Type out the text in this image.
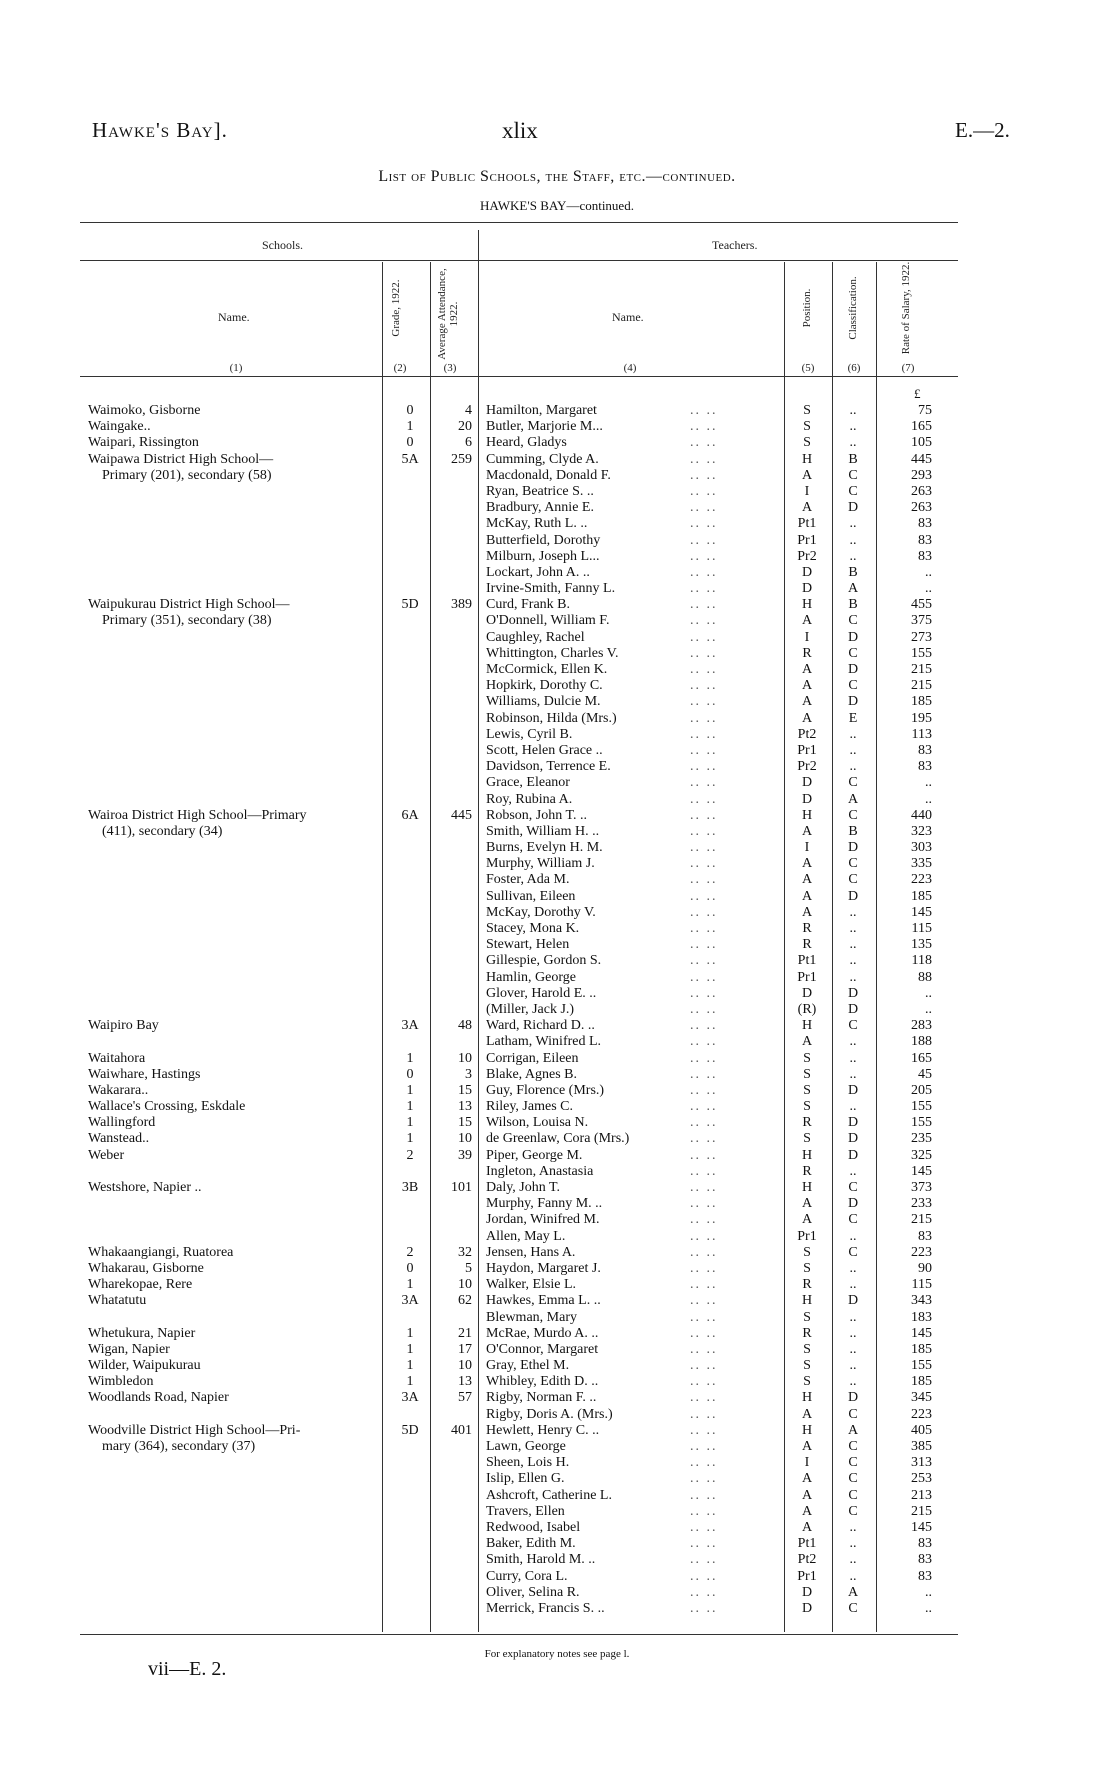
Hawke's Bay].	xlix	E.—2.
List of Public Schools, the Staff, etc.—continued.
HAWKE'S BAY—continued.
Schools.	Teachers.
Name.	Grade, 1922.	Average Attendance, 1922.	Name.	Position.	Classification.	Rate of Salary, 1922.
(1)	(2)	(3)	(4)	(5)	(6)	(7)
£
Waimoko, Gisborne	0	4 Hamilton, Margaret	S	..	75
.. ..
Waingake..	1	20 Butler, Marjorie M...	S	..	165
.. ..
Waipari, Rissington	0	6 Heard, Gladys	S	..	105
.. ..
Waipawa District High School—	5A	259 Cumming, Clyde A.	H	B	445
.. ..
Primary (201), secondary (58)	Macdonald, Donald F.	A	C	293
.. ..
Ryan, Beatrice S. ..	I	C	263
.. ..
Bradbury, Annie E.	A	D	263
.. ..
McKay, Ruth L. ..	Pt1	..	83
.. ..
Butterfield, Dorothy	Pr1	..	83
.. ..
Milburn, Joseph L...	Pr2	..	83
.. ..
Lockart, John A. ..	D	B	..
.. ..
Irvine-Smith, Fanny L.	D	A	..
.. ..
Waipukurau District High School—	5D	389 Curd, Frank B.	H	B	455
.. ..
Primary (351), secondary (38)	O'Donnell, William F.	A	C	375
.. ..
Caughley, Rachel	I	D	273
.. ..
Whittington, Charles V.	R	C	155
.. ..
McCormick, Ellen K.	A	D	215
.. ..
Hopkirk, Dorothy C.	A	C	215
.. ..
Williams, Dulcie M.	A	D	185
.. ..
Robinson, Hilda (Mrs.)	A	E	195
.. ..
Lewis, Cyril B.	Pt2	..	113
.. ..
Scott, Helen Grace ..	Pr1	..	83
.. ..
Davidson, Terrence E.	Pr2	..	83
.. ..
Grace, Eleanor	D	C	..
.. ..
Roy, Rubina A.	D	A	..
.. ..
Wairoa District High School—Primary	6A	445 Robson, John T. ..	H	C	440
.. ..
(411), secondary (34)	Smith, William H. ..	A	B	323
.. ..
Burns, Evelyn H. M.	I	D	303
.. ..
Murphy, William J.	A	C	335
.. ..
Foster, Ada M.	A	C	223
.. ..
Sullivan, Eileen	A	D	185
.. ..
McKay, Dorothy V.	A	..	145
.. ..
Stacey, Mona K.	R	..	115
.. ..
Stewart, Helen	R	..	135
.. ..
Gillespie, Gordon S.	Pt1	..	118
.. ..
Hamlin, George	Pr1	..	88
.. ..
Glover, Harold E. ..	D	D	..
.. ..
(Miller, Jack J.)	(R)	D	..
.. ..
Waipiro Bay	3A	48 Ward, Richard D. ..	H	C	283
.. ..
Latham, Winifred L.	A	..	188
.. ..
Waitahora	1	10 Corrigan, Eileen	S	..	165
.. ..
Waiwhare, Hastings	0	3 Blake, Agnes B.	S	..	45
.. ..
Wakarara..	1	15 Guy, Florence (Mrs.)	S	D	205
.. ..
Wallace's Crossing, Eskdale	1	13 Riley, James C.	S	..	155
.. ..
Wallingford	1	15 Wilson, Louisa N.	R	D	155
.. ..
Wanstead..	1	10 de Greenlaw, Cora (Mrs.)	S	D	235
.. ..
Weber	2	39 Piper, George M.	H	D	325
.. ..
Ingleton, Anastasia	R	..	145
.. ..
Westshore, Napier ..	3B	101 Daly, John T.	H	C	373
.. ..
Murphy, Fanny M. ..	A	D	233
.. ..
Jordan, Winifred M.	A	C	215
.. ..
Allen, May L.	Pr1	..	83
.. ..
Whakaangiangi, Ruatorea	2	32 Jensen, Hans A.	S	C	223
.. ..
Whakarau, Gisborne	0	5 Haydon, Margaret J.	S	..	90
.. ..
Wharekopae, Rere	1	10 Walker, Elsie L.	R	..	115
.. ..
Whatatutu	3A	62 Hawkes, Emma L. ..	H	D	343
.. ..
Blewman, Mary	S	..	183
.. ..
Whetukura, Napier	1	21 McRae, Murdo A. ..	R	..	145
.. ..
Wigan, Napier	1	17 O'Connor, Margaret	S	..	185
.. ..
Wilder, Waipukurau	1	10 Gray, Ethel M.	S	..	155
.. ..
Wimbledon	1	13 Whibley, Edith D. ..	S	..	185
.. ..
Woodlands Road, Napier	3A	57 Rigby, Norman F. ..	H	D	345
.. ..
Rigby, Doris A. (Mrs.)	A	C	223
.. ..
Woodville District High School—Pri-	5D	401 Hewlett, Henry C. ..	H	A	405
.. ..
mary (364), secondary (37)	Lawn, George	A	C	385
.. ..
Sheen, Lois H.	I	C	313
.. ..
Islip, Ellen G.	A	C	253
.. ..
Ashcroft, Catherine L.	A	C	213
.. ..
Travers, Ellen	A	C	215
.. ..
Redwood, Isabel	A	..	145
.. ..
Baker, Edith M.	Pt1	..	83
.. ..
Smith, Harold M. ..	Pt2	..	83
.. ..
Curry, Cora L.	Pr1	..	83
.. ..
Oliver, Selina R.	D	A	..
.. ..
Merrick, Francis S. ..	D	C	..
.. ..
For explanatory notes see page l.
vii—E. 2.
